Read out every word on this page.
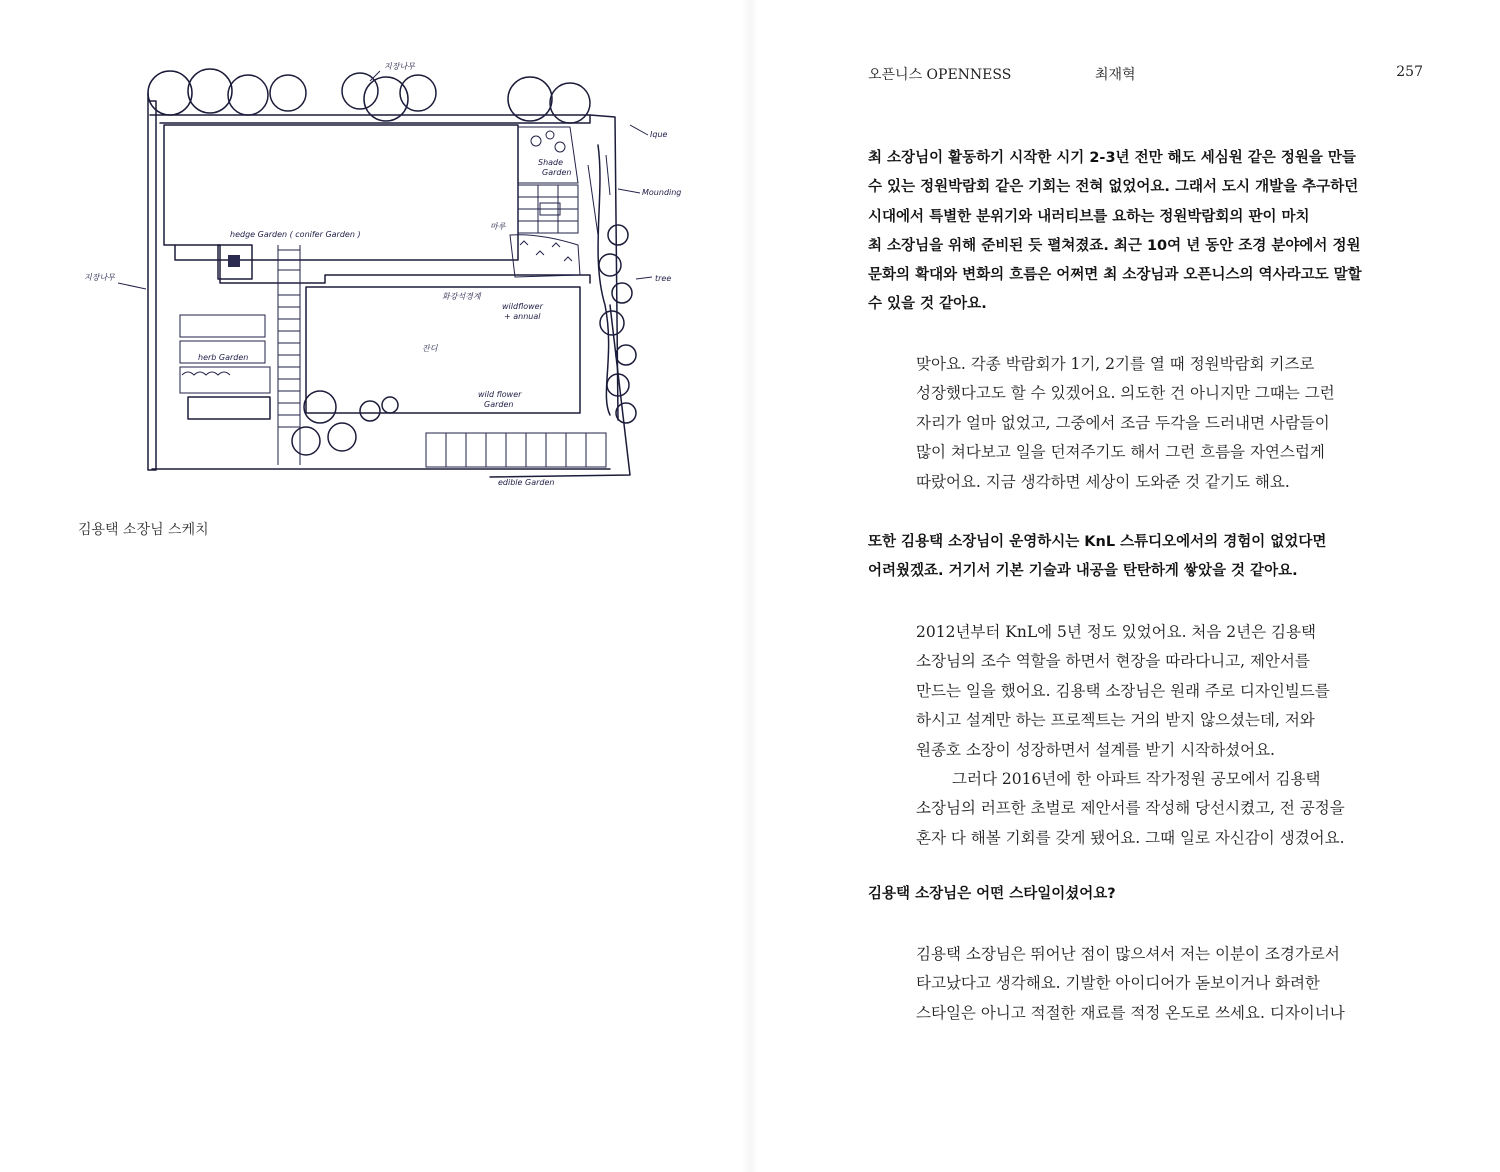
Shade
Garden
hedge Garden ( conifer Garden )
잔디
herb Garden
edible Garden
지장나무
Ique
Mounding
tree
지장나무
화강석경계
wildflower
+ annual
wild flower
Garden
마루
김용택 소장님 스케치
오픈니스 OPENNESS	최재혁	257
최 소장님이 활동하기 시작한 시기 2-3년 전만 해도 세심원 같은 정원을 만들
수 있는 정원박람회 같은 기회는 전혀 없었어요. 그래서 도시 개발을 추구하던
시대에서 특별한 분위기와 내러티브를 요하는 정원박람회의 판이 마치
최 소장님을 위해 준비된 듯 펼쳐졌죠. 최근 10여 년 동안 조경 분야에서 정원
문화의 확대와 변화의 흐름은 어쩌면 최 소장님과 오픈니스의 역사라고도 말할
수 있을 것 같아요.
맞아요. 각종 박람회가 1기, 2기를 열 때 정원박람회 키즈로
성장했다고도 할 수 있겠어요. 의도한 건 아니지만 그때는 그런
자리가 얼마 없었고, 그중에서 조금 두각을 드러내면 사람들이
많이 쳐다보고 일을 던져주기도 해서 그런 흐름을 자연스럽게
따랐어요. 지금 생각하면 세상이 도와준 것 같기도 해요.
또한 김용택 소장님이 운영하시는 KnL 스튜디오에서의 경험이 없었다면
어려웠겠죠. 거기서 기본 기술과 내공을 탄탄하게 쌓았을 것 같아요.
2012년부터 KnL에 5년 정도 있었어요. 처음 2년은 김용택
소장님의 조수 역할을 하면서 현장을 따라다니고, 제안서를
만드는 일을 했어요. 김용택 소장님은 원래 주로 디자인빌드를
하시고 설계만 하는 프로젝트는 거의 받지 않으셨는데, 저와
원종호 소장이 성장하면서 설계를 받기 시작하셨어요.
그러다 2016년에 한 아파트 작가정원 공모에서 김용택
소장님의 러프한 초벌로 제안서를 작성해 당선시켰고, 전 공정을
혼자 다 해볼 기회를 갖게 됐어요. 그때 일로 자신감이 생겼어요.
김용택 소장님은 어떤 스타일이셨어요?
김용택 소장님은 뛰어난 점이 많으셔서 저는 이분이 조경가로서
타고났다고 생각해요. 기발한 아이디어가 돋보이거나 화려한
스타일은 아니고 적절한 재료를 적정 온도로 쓰세요. 디자이너나
